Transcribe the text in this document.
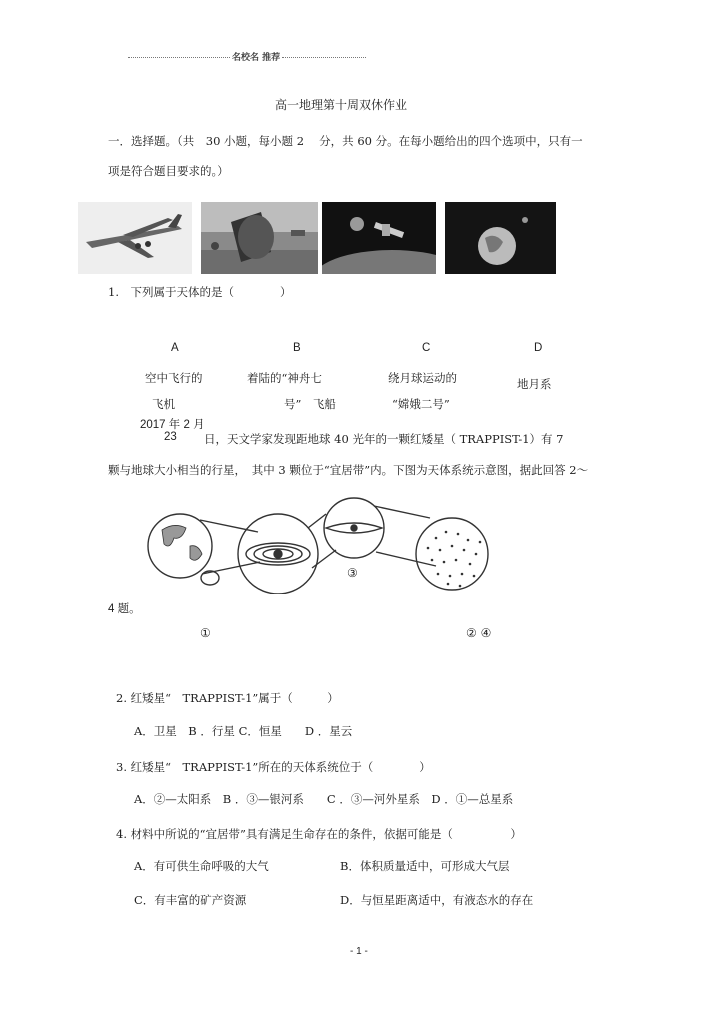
名校名 推荐
高一地理第十周双休作业
一．选择题。（共　30 小题，每小题 2　 分，共 60 分。在每小题给出的四个选项中，只有一
项是符合题目要求的。）
1.　下列属于天体的是（　　　　）
A	B	C	D
空中飞行的
飞机
着陆的“神舟七
号”　飞船
绕月球运动的
“嫦娥二号”
地月系
2017 年 2 月
23 日，天文学家发现距地球 40 光年的一颗红矮星（ TRAPPIST-1）有 7
颗与地球大小相当的行星，　其中 3 颗位于“宜居带”内。下图为天体系统示意图，据此回答 2～
③
4 题。
①	② ④
2. 红矮星“　TRAPPIST-1”属于（　　　）
A．卫星　B ．行星 C．恒星　　D ．星云
3. 红矮星“　TRAPPIST-1”所在的天体系统位于（　　　　）
A．②—太阳系　B ．③—银河系　　C ．③—河外星系　D ．①—总星系
4. 材料中所说的“宜居带”具有满足生命存在的条件，依据可能是（　　　　　）
A．有可供生命呼吸的大气	B．体积质量适中，可形成大气层
C．有丰富的矿产资源	D．与恒星距离适中，有液态水的存在
- 1 -
